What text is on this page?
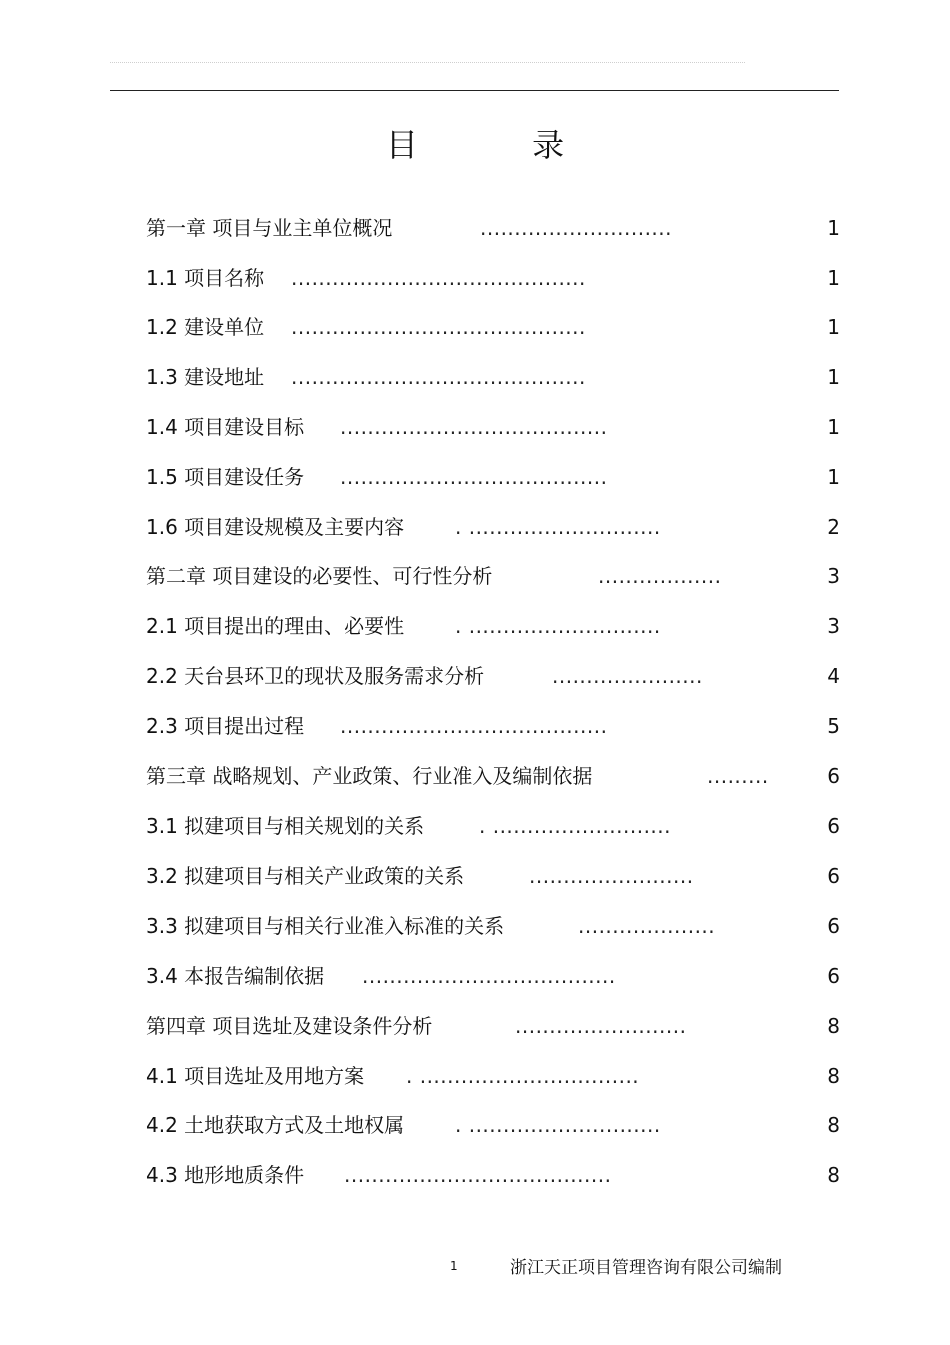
目 录
第一章 项目与业主单位概况	............................	1
1.1 项目名称 ...........................................	1
1.2 建设单位 ...........................................	1
1.3 建设地址 ...........................................	1
1.4 项目建设目标 .......................................	1
1.5 项目建设任务 .......................................	1
1.6 项目建设规模及主要内容	. ............................	2
第二章 项目建设的必要性、可行性分析	..................	3
2.1 项目提出的理由、必要性	. ............................	3
2.2 天台县环卫的现状及服务需求分析	......................	4
2.3 项目提出过程 .......................................	5
第三章 战略规划、产业政策、行业准入及编制依据	.........	6
3.1 拟建项目与相关规划的关系	. ..........................	6
3.2 拟建项目与相关产业政策的关系	........................	6
3.3 拟建项目与相关行业准入标准的关系	....................	6
3.4 本报告编制依据 .....................................	6
第四章 项目选址及建设条件分析	.........................	8
4.1 项目选址及用地方案 . ................................	8
4.2 土地获取方式及土地权属	. ............................	8
4.3 地形地质条件 .......................................	8
1	浙江天正项目管理咨询有限公司编制
